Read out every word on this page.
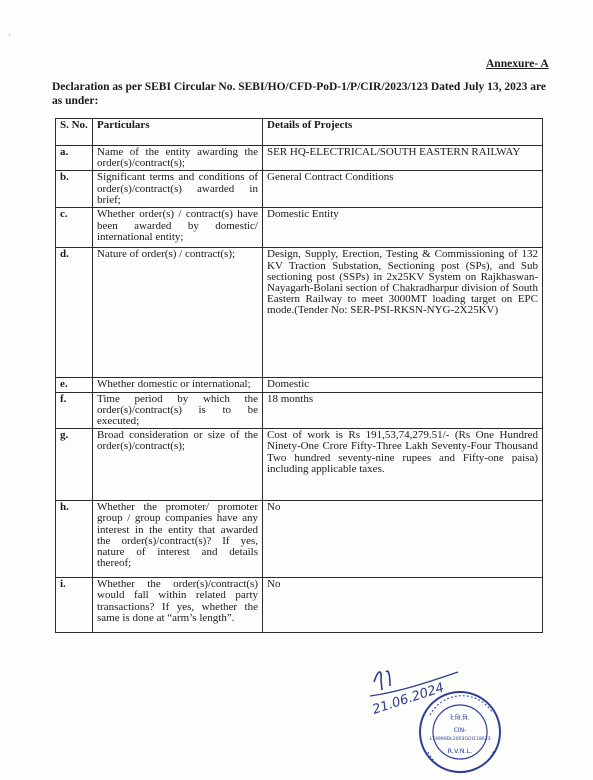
·
Annexure- A
Declaration as per SEBI Circular No. SEBI/HO/CFD-PoD-1/P/CIR/2023/123 Dated July 13, 2023 are as under:
S. No.	Particulars	Details of Projects
a.	Name of the entity awarding the order(s)/contract(s);	SER HQ-ELECTRICAL/SOUTH EASTERN RAILWAY
b.	Significant terms and conditions of order(s)/contract(s) awarded in brief;	General Contract Conditions
c.	Whether order(s) / contract(s) have been awarded by domestic/ international entity;	Domestic Entity
d.	Nature of order(s) / contract(s);	Design, Supply, Erection, Testing & Commissioning of 132 KV Traction Substation, Sectioning post (SPs), and Sub sectioning post (SSPs) in 2x25KV System on Rajkhaswan- Nayagarh-Bolani section of Chakradharpur division of South Eastern Railway to meet 3000MT loading target on EPC mode.(Tender No: SER-PSI-RKSN-NYG-2X25KV)
e.	Whether domestic or international;	Domestic
f.	Time period by which the order(s)/contract(s) is to be executed;	18 months
g.	Broad consideration or size of the order(s)/contract(s);	Cost of work is Rs 191,53,74,279.51/- (Rs One Hundred Ninety-One Crore Fifty-Three Lakh Seventy-Four Thousand Two hundred seventy-nine rupees and Fifty-one paisa) including applicable taxes.
h.	Whether the promoter/ promoter group / group companies have any interest in the entity that awarded the order(s)/contract(s)? If yes, nature of interest and details thereof;	No
i.	Whether the order(s)/contract(s) would fall within related party transactions? If yes, whether the same is done at “arm’s length”.	No
21.06.2024
रे.वि.नि.
CIN-
L74999DL2003GOI118633
R.V.N.L.
